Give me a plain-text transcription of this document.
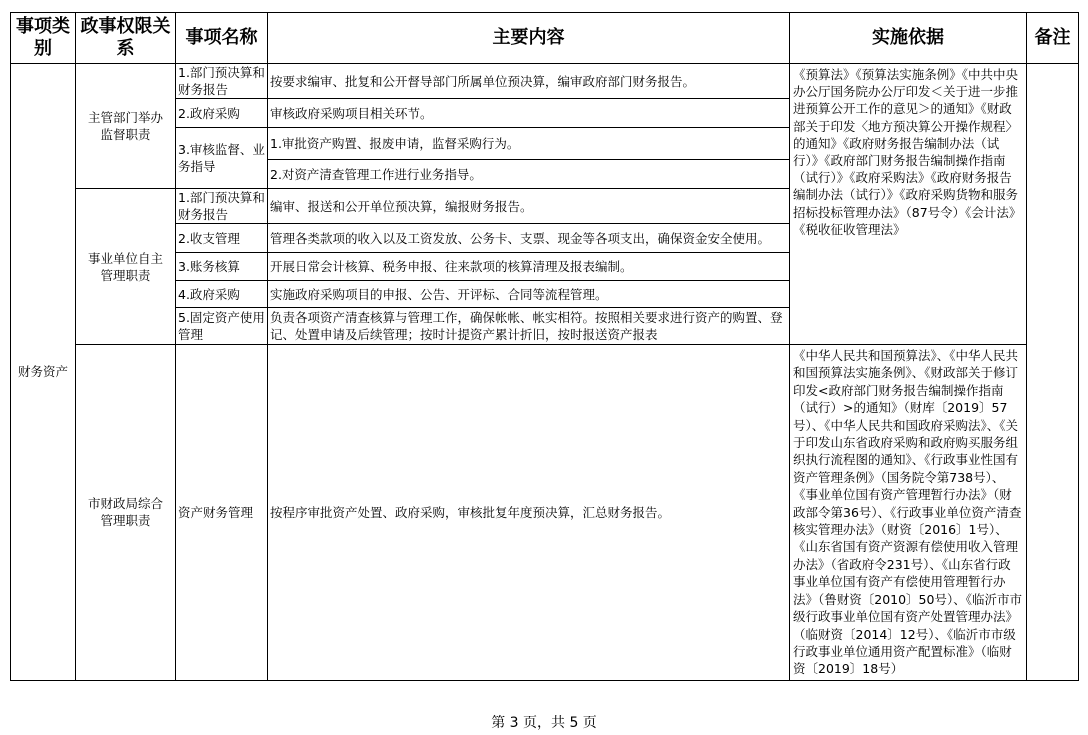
事项类别	政事权限关系	事项名称	主要内容	实施依据	备注
财务资产	主管部门举办监督职责	1.部门预决算和财务报告	按要求编审、批复和公开督导部门所属单位预决算，编审政府部门财务报告。	《预算法》《预算法实施条例》《中共中央办公厅国务院办公厅印发＜关于进一步推进预算公开工作的意见＞的通知》《财政部关于印发〈地方预决算公开操作规程〉的通知》《政府财务报告编制办法（试行）》《政府部门财务报告编制操作指南（试行）》《政府采购法》《政府财务报告编制办法（试行）》《政府采购货物和服务招标投标管理办法》（87号令）《会计法》《税收征收管理法》	
		2.政府采购	审核政府采购项目相关环节。		
		3.审核监督、业务指导	1.审批资产购置、报废申请，监督采购行为。		
			2.对资产清查管理工作进行业务指导。		
	事业单位自主管理职责	1.部门预决算和财务报告	编审、报送和公开单位预决算，编报财务报告。		
		2.收支管理	管理各类款项的收入以及工资发放、公务卡、支票、现金等各项支出，确保资金安全使用。		
		3.账务核算	开展日常会计核算、税务申报、往来款项的核算清理及报表编制。		
		4.政府采购	实施政府采购项目的申报、公告、开评标、合同等流程管理。		
		5.固定资产使用管理	负责各项资产清查核算与管理工作，确保帐帐、帐实相符。按照相关要求进行资产的购置、登记、处置申请及后续管理；按时计提资产累计折旧，按时报送资产报表		
	市财政局综合管理职责	资产财务管理	按程序审批资产处置、政府采购，审核批复年度预决算，汇总财务报告。	《中华人民共和国预算法》、《中华人民共和国预算法实施条例》、《财政部关于修订印发<政府部门财务报告编制操作指南（试行）>的通知》（财库〔2019〕57号）、《中华人民共和国政府采购法》、《关于印发山东省政府采购和政府购买服务组织执行流程图的通知》、《行政事业性国有资产管理条例》（国务院令第738号）、《事业单位国有资产管理暂行办法》（财政部令第36号）、《行政事业单位资产清查核实管理办法》（财资〔2016〕1号）、《山东省国有资产资源有偿使用收入管理办法》（省政府令231号）、《山东省行政事业单位国有资产有偿使用管理暂行办法》（鲁财资〔2010〕50号）、《临沂市市级行政事业单位国有资产处置管理办法》（临财资〔2014〕12号）、《临沂市市级行政事业单位通用资产配置标准》（临财资〔2019〕18号）	
第 3 页，共 5 页
